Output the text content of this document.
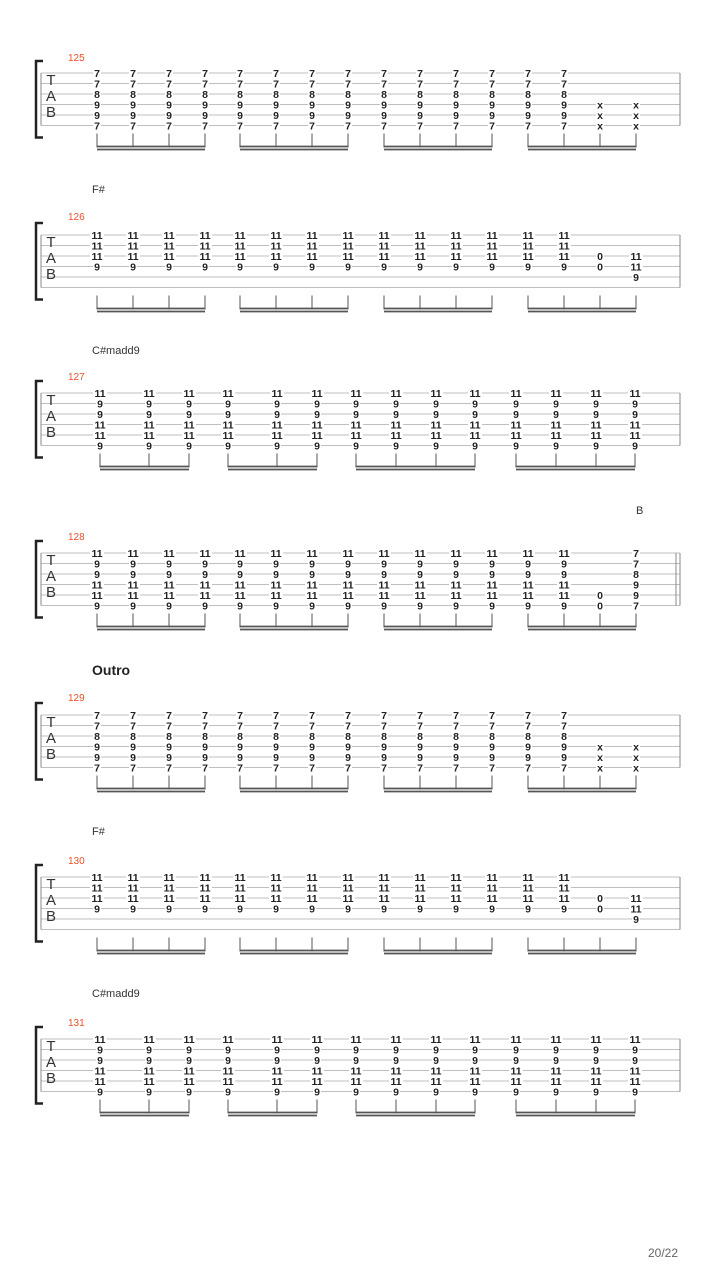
125
T
A
B
7
7
8
9
9
7
7
7
8
9
9
7
7
7
8
9
9
7
7
7
8
9
9
7
7
7
8
9
9
7
7
7
8
9
9
7
7
7
8
9
9
7
7
7
8
9
9
7
7
7
8
9
9
7
7
7
8
9
9
7
7
7
8
9
9
7
7
7
8
9
9
7
7
7
8
9
9
7
7
7
8
9
9
7
x
x
x
x
x
x
126
F#
T
A
B
11
11
11
9
11
11
11
9
11
11
11
9
11
11
11
9
11
11
11
9
11
11
11
9
11
11
11
9
11
11
11
9
11
11
11
9
11
11
11
9
11
11
11
9
11
11
11
9
11
11
11
9
11
11
11
9
0
0
11
11
9
127
C#madd9
T
A
B
11
9
9
11
11
9
11
9
9
11
11
9
11
9
9
11
11
9
11
9
9
11
11
9
11
9
9
11
11
9
11
9
9
11
11
9
11
9
9
11
11
9
11
9
9
11
11
9
11
9
9
11
11
9
11
9
9
11
11
9
11
9
9
11
11
9
11
9
9
11
11
9
11
9
9
11
11
9
11
9
9
11
11
9
128
B
T
A
B
11
9
9
11
11
9
11
9
9
11
11
9
11
9
9
11
11
9
11
9
9
11
11
9
11
9
9
11
11
9
11
9
9
11
11
9
11
9
9
11
11
9
11
9
9
11
11
9
11
9
9
11
11
9
11
9
9
11
11
9
11
9
9
11
11
9
11
9
9
11
11
9
11
9
9
11
11
9
11
9
9
11
11
9
0
0
7
7
8
9
9
7
129
T
A
B
7
7
8
9
9
7
7
7
8
9
9
7
7
7
8
9
9
7
7
7
8
9
9
7
7
7
8
9
9
7
7
7
8
9
9
7
7
7
8
9
9
7
7
7
8
9
9
7
7
7
8
9
9
7
7
7
8
9
9
7
7
7
8
9
9
7
7
7
8
9
9
7
7
7
8
9
9
7
7
7
8
9
9
7
x
x
x
x
x
x
130
F#
T
A
B
11
11
11
9
11
11
11
9
11
11
11
9
11
11
11
9
11
11
11
9
11
11
11
9
11
11
11
9
11
11
11
9
11
11
11
9
11
11
11
9
11
11
11
9
11
11
11
9
11
11
11
9
11
11
11
9
0
0
11
11
9
131
C#madd9
T
A
B
11
9
9
11
11
9
11
9
9
11
11
9
11
9
9
11
11
9
11
9
9
11
11
9
11
9
9
11
11
9
11
9
9
11
11
9
11
9
9
11
11
9
11
9
9
11
11
9
11
9
9
11
11
9
11
9
9
11
11
9
11
9
9
11
11
9
11
9
9
11
11
9
11
9
9
11
11
9
11
9
9
11
11
9
Outro
20/22
